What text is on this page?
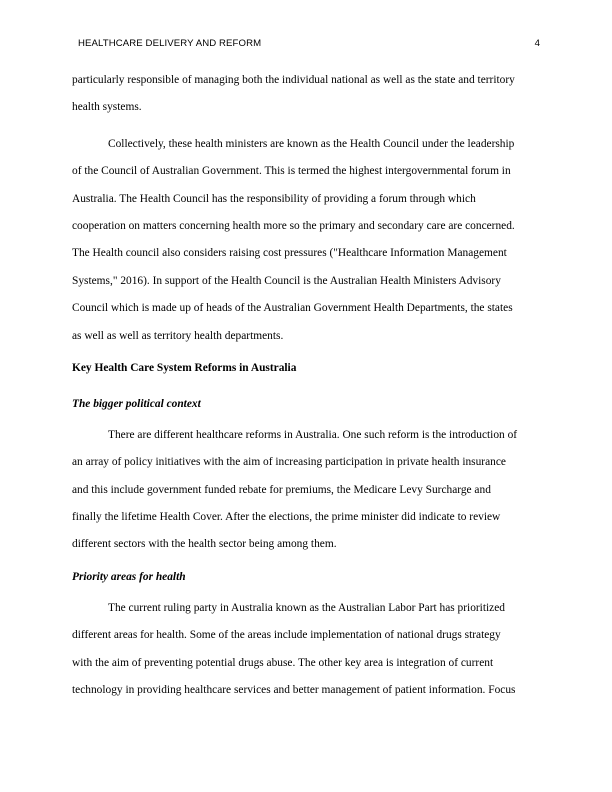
HEALTHCARE DELIVERY AND REFORM	4
particularly responsible of managing both the individual national as well as the state and territory
health systems.
Collectively, these health ministers are known as the Health Council under the leadership
of the Council of Australian Government. This is termed the highest intergovernmental forum in
Australia. The Health Council has the responsibility of providing a forum through which
cooperation on matters concerning health more so the primary and secondary care are concerned.
The Health council also considers raising cost pressures ("Healthcare Information Management
Systems," 2016). In support of the Health Council is the Australian Health Ministers Advisory
Council which is made up of heads of the Australian Government Health Departments, the states
as well as well as territory health departments.
Key Health Care System Reforms in Australia
The bigger political context
There are different healthcare reforms in Australia. One such reform is the introduction of
an array of policy initiatives with the aim of increasing participation in private health insurance
and this include government funded rebate for premiums, the Medicare Levy Surcharge and
finally the lifetime Health Cover. After the elections, the prime minister did indicate to review
different sectors with the health sector being among them.
Priority areas for health
The current ruling party in Australia known as the Australian Labor Part has prioritized
different areas for health. Some of the areas include implementation of national drugs strategy
with the aim of preventing potential drugs abuse. The other key area is integration of current
technology in providing healthcare services and better management of patient information. Focus
